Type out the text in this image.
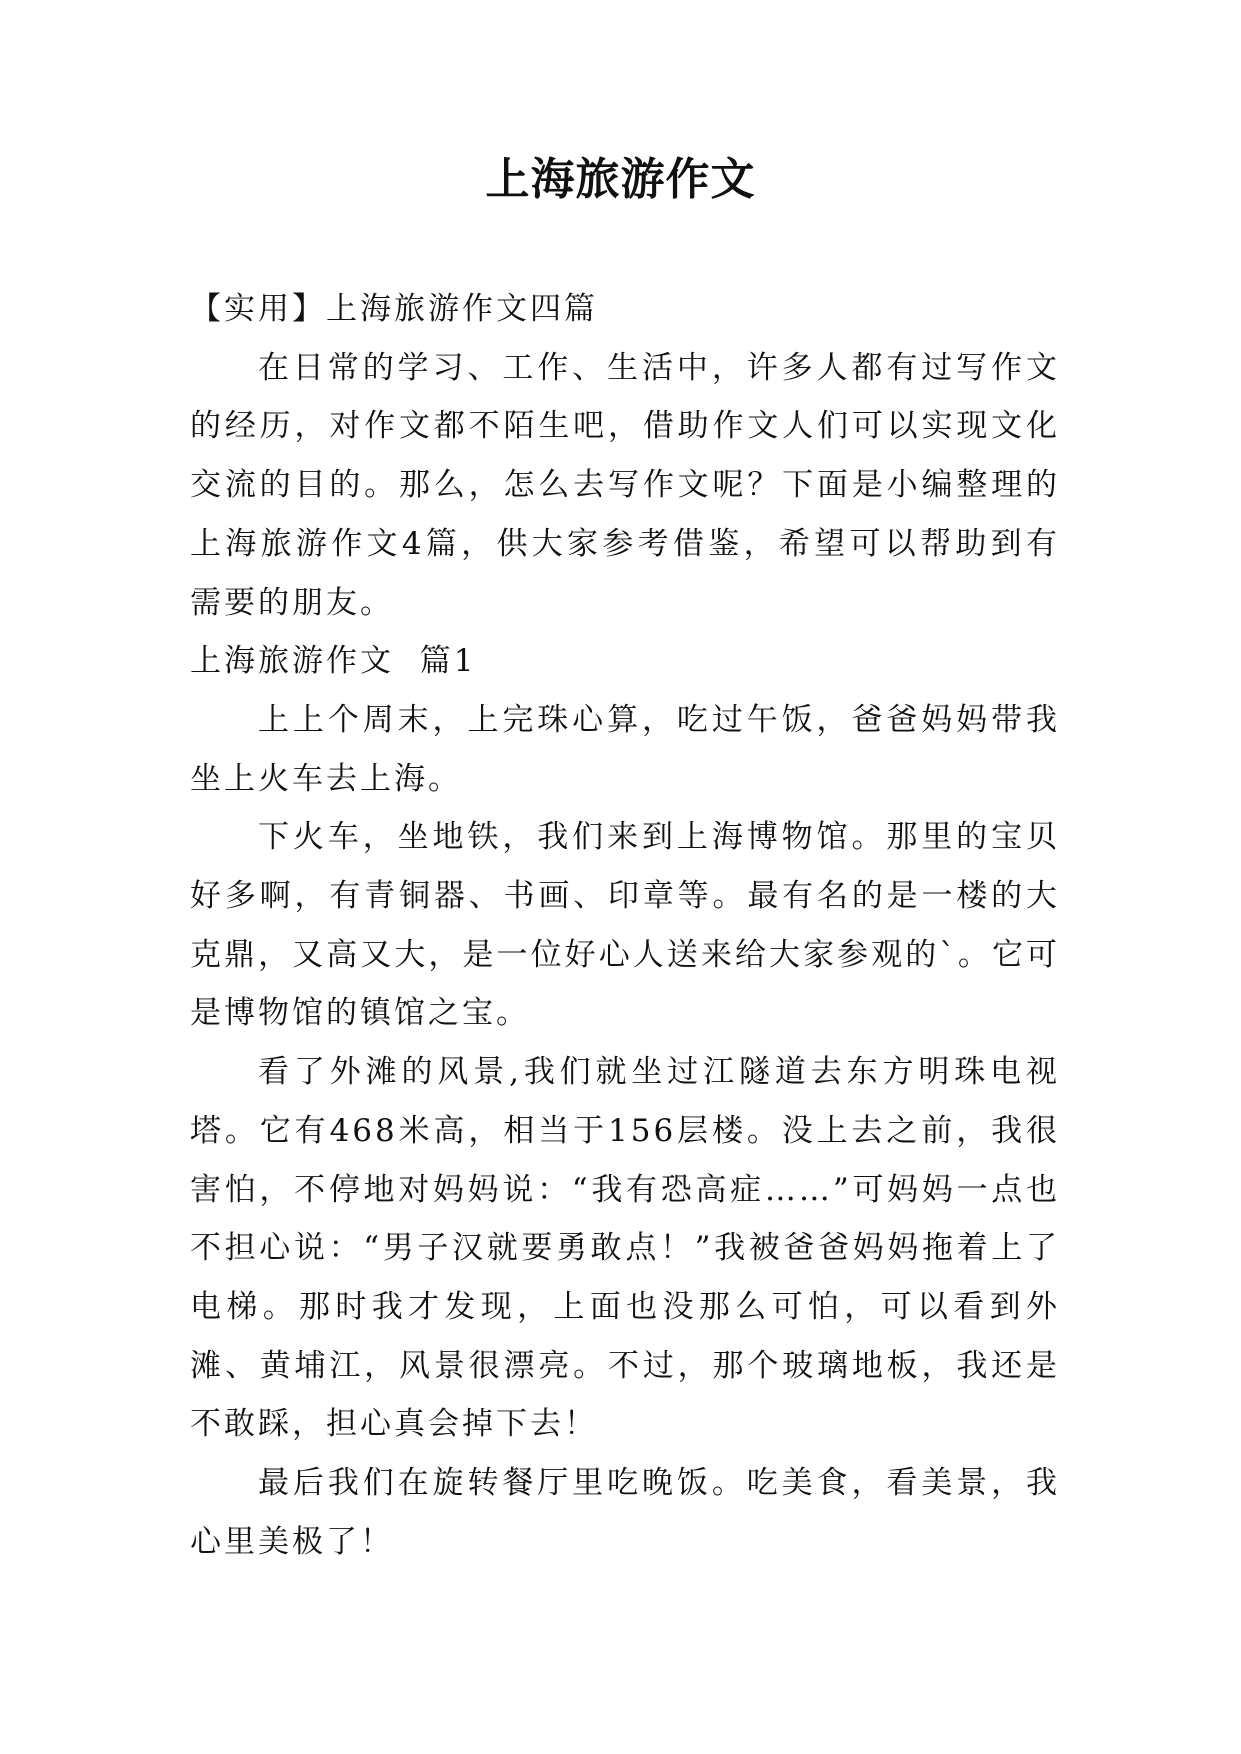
上海旅游作文

【实用】上海旅游作文四篇

在日常的学习、工作、生活中，许多人都有过写作文的经历，对作文都不陌生吧，借助作文人们可以实现文化交流的目的。那么，怎么去写作文呢？下面是小编整理的上海旅游作文4篇，供大家参考借鉴，希望可以帮助到有需要的朋友。

上海旅游作文  篇1

上上个周末，上完珠心算，吃过午饭，爸爸妈妈带我坐上火车去上海。

下火车，坐地铁，我们来到上海博物馆。那里的宝贝好多啊，有青铜器、书画、印章等。最有名的是一楼的大克鼎，又高又大，是一位好心人送来给大家参观的`。它可是博物馆的镇馆之宝。

看了外滩的风景,我们就坐过江隧道去东方明珠电视塔。它有468米高，相当于156层楼。没上去之前，我很害怕，不停地对妈妈说：“我有恐高症……”可妈妈一点也不担心说：“男子汉就要勇敢点！”我被爸爸妈妈拖着上了电梯。那时我才发现，上面也没那么可怕，可以看到外滩、黄埔江，风景很漂亮。不过，那个玻璃地板，我还是不敢踩，担心真会掉下去！

最后我们在旋转餐厅里吃晚饭。吃美食，看美景，我心里美极了！
